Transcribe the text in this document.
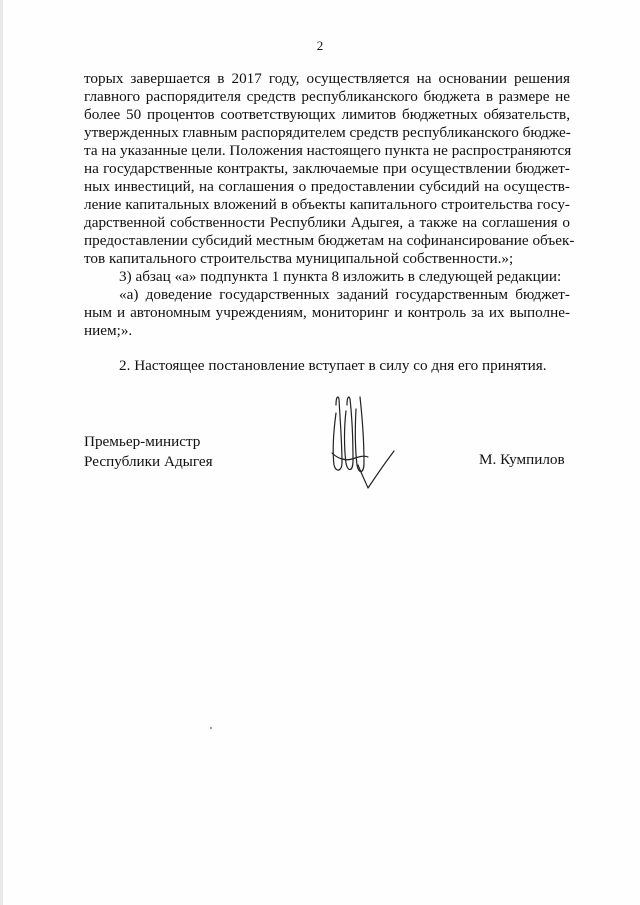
2
торых завершается в 2017 году, осуществляется на основании решения
главного распорядителя средств республиканского бюджета в размере не
более 50 процентов соответствующих лимитов бюджетных обязательств,
утвержденных главным распорядителем средств республиканского бюдже-
та на указанные цели. Положения настоящего пункта не распространяются
на государственные контракты, заключаемые при осуществлении бюджет-
ных инвестиций, на соглашения о предоставлении субсидий на осуществ-
ление капитальных вложений в объекты капитального строительства госу-
дарственной собственности Республики Адыгея, а также на соглашения о
предоставлении субсидий местным бюджетам на софинансирование объек-
тов капитального строительства муниципальной собственности.»;
3) абзац «а» подпункта 1 пункта 8 изложить в следующей редакции:
«а) доведение государственных заданий государственным бюджет-
ным и автономным учреждениям, мониторинг и контроль за их выполне-
нием;».
2. Настоящее постановление вступает в силу со дня его принятия.
Премьер-министр
Республики Адыгея	М. Кумпилов
